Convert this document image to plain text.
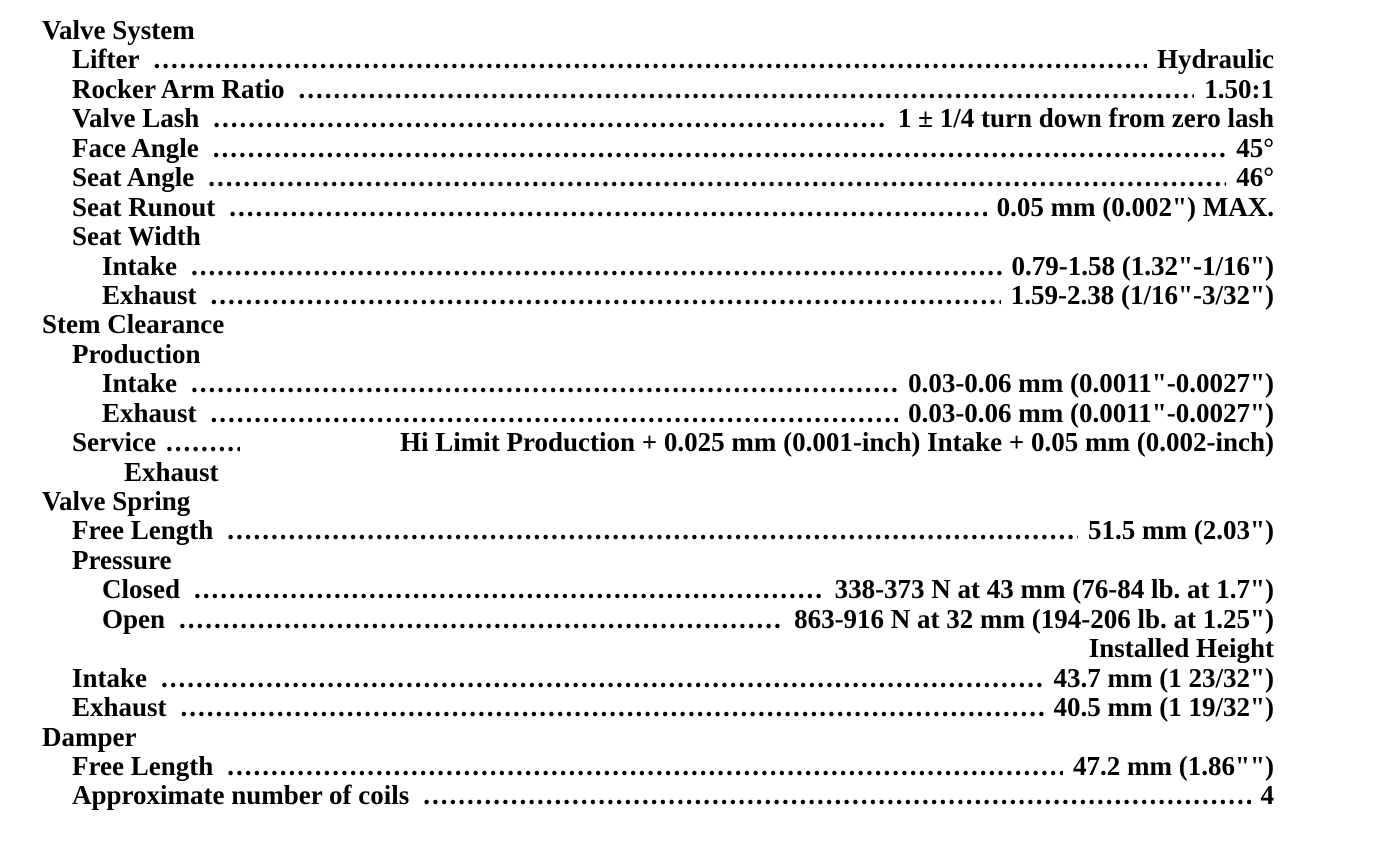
Valve System
Lifter .....	Hydraulic
Rocker Arm Ratio .....	1.50:1
Valve Lash .....	1 ± 1/4 turn down from zero lash
Face Angle .....	45°
Seat Angle .....	46°
Seat Runout .....	0.05 mm (0.002") MAX.
Seat Width
Intake .....	0.79-1.58 (1.32"-1/16")
Exhaust .....	1.59-2.38 (1/16"-3/32")
Stem Clearance
Production
Intake .....	0.03-0.06 mm (0.0011"-0.0027")
Exhaust .....	0.03-0.06 mm (0.0011"-0.0027")
Service .....	Hi Limit Production + 0.025 mm (0.001-inch) Intake + 0.05 mm (0.002-inch)
Exhaust
Valve Spring
Free Length .....	51.5 mm (2.03")
Pressure
Closed .....	338-373 N at 43 mm (76-84 lb. at 1.7")
Open .....	863-916 N at 32 mm (194-206 lb. at 1.25")
Installed Height
Intake .....	43.7 mm (1 23/32")
Exhaust .....	40.5 mm (1 19/32")
Damper
Free Length .....	47.2 mm (1.86"")
Approximate number of coils .....	4
